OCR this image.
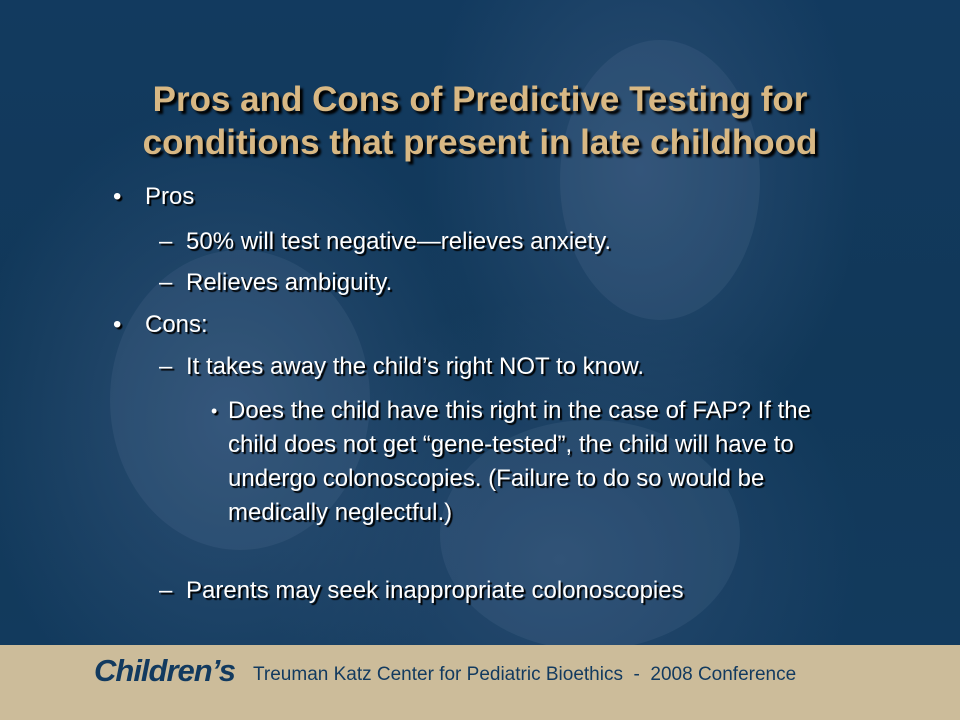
Pros and Cons of Predictive Testing for
conditions that present in late childhood
• Pros
– 50% will test negative—relieves anxiety.
– Relieves ambiguity.
• Cons:
– It takes away the child’s right NOT to know.
• Does the child have this right in the case of FAP? If the child does not get “gene-tested”, the child will have to undergo colonoscopies. (Failure to do so would be medically neglectful.)
– Parents may seek inappropriate colonoscopies
Children’s Treuman Katz Center for Pediatric Bioethics  -  2008 Conference
